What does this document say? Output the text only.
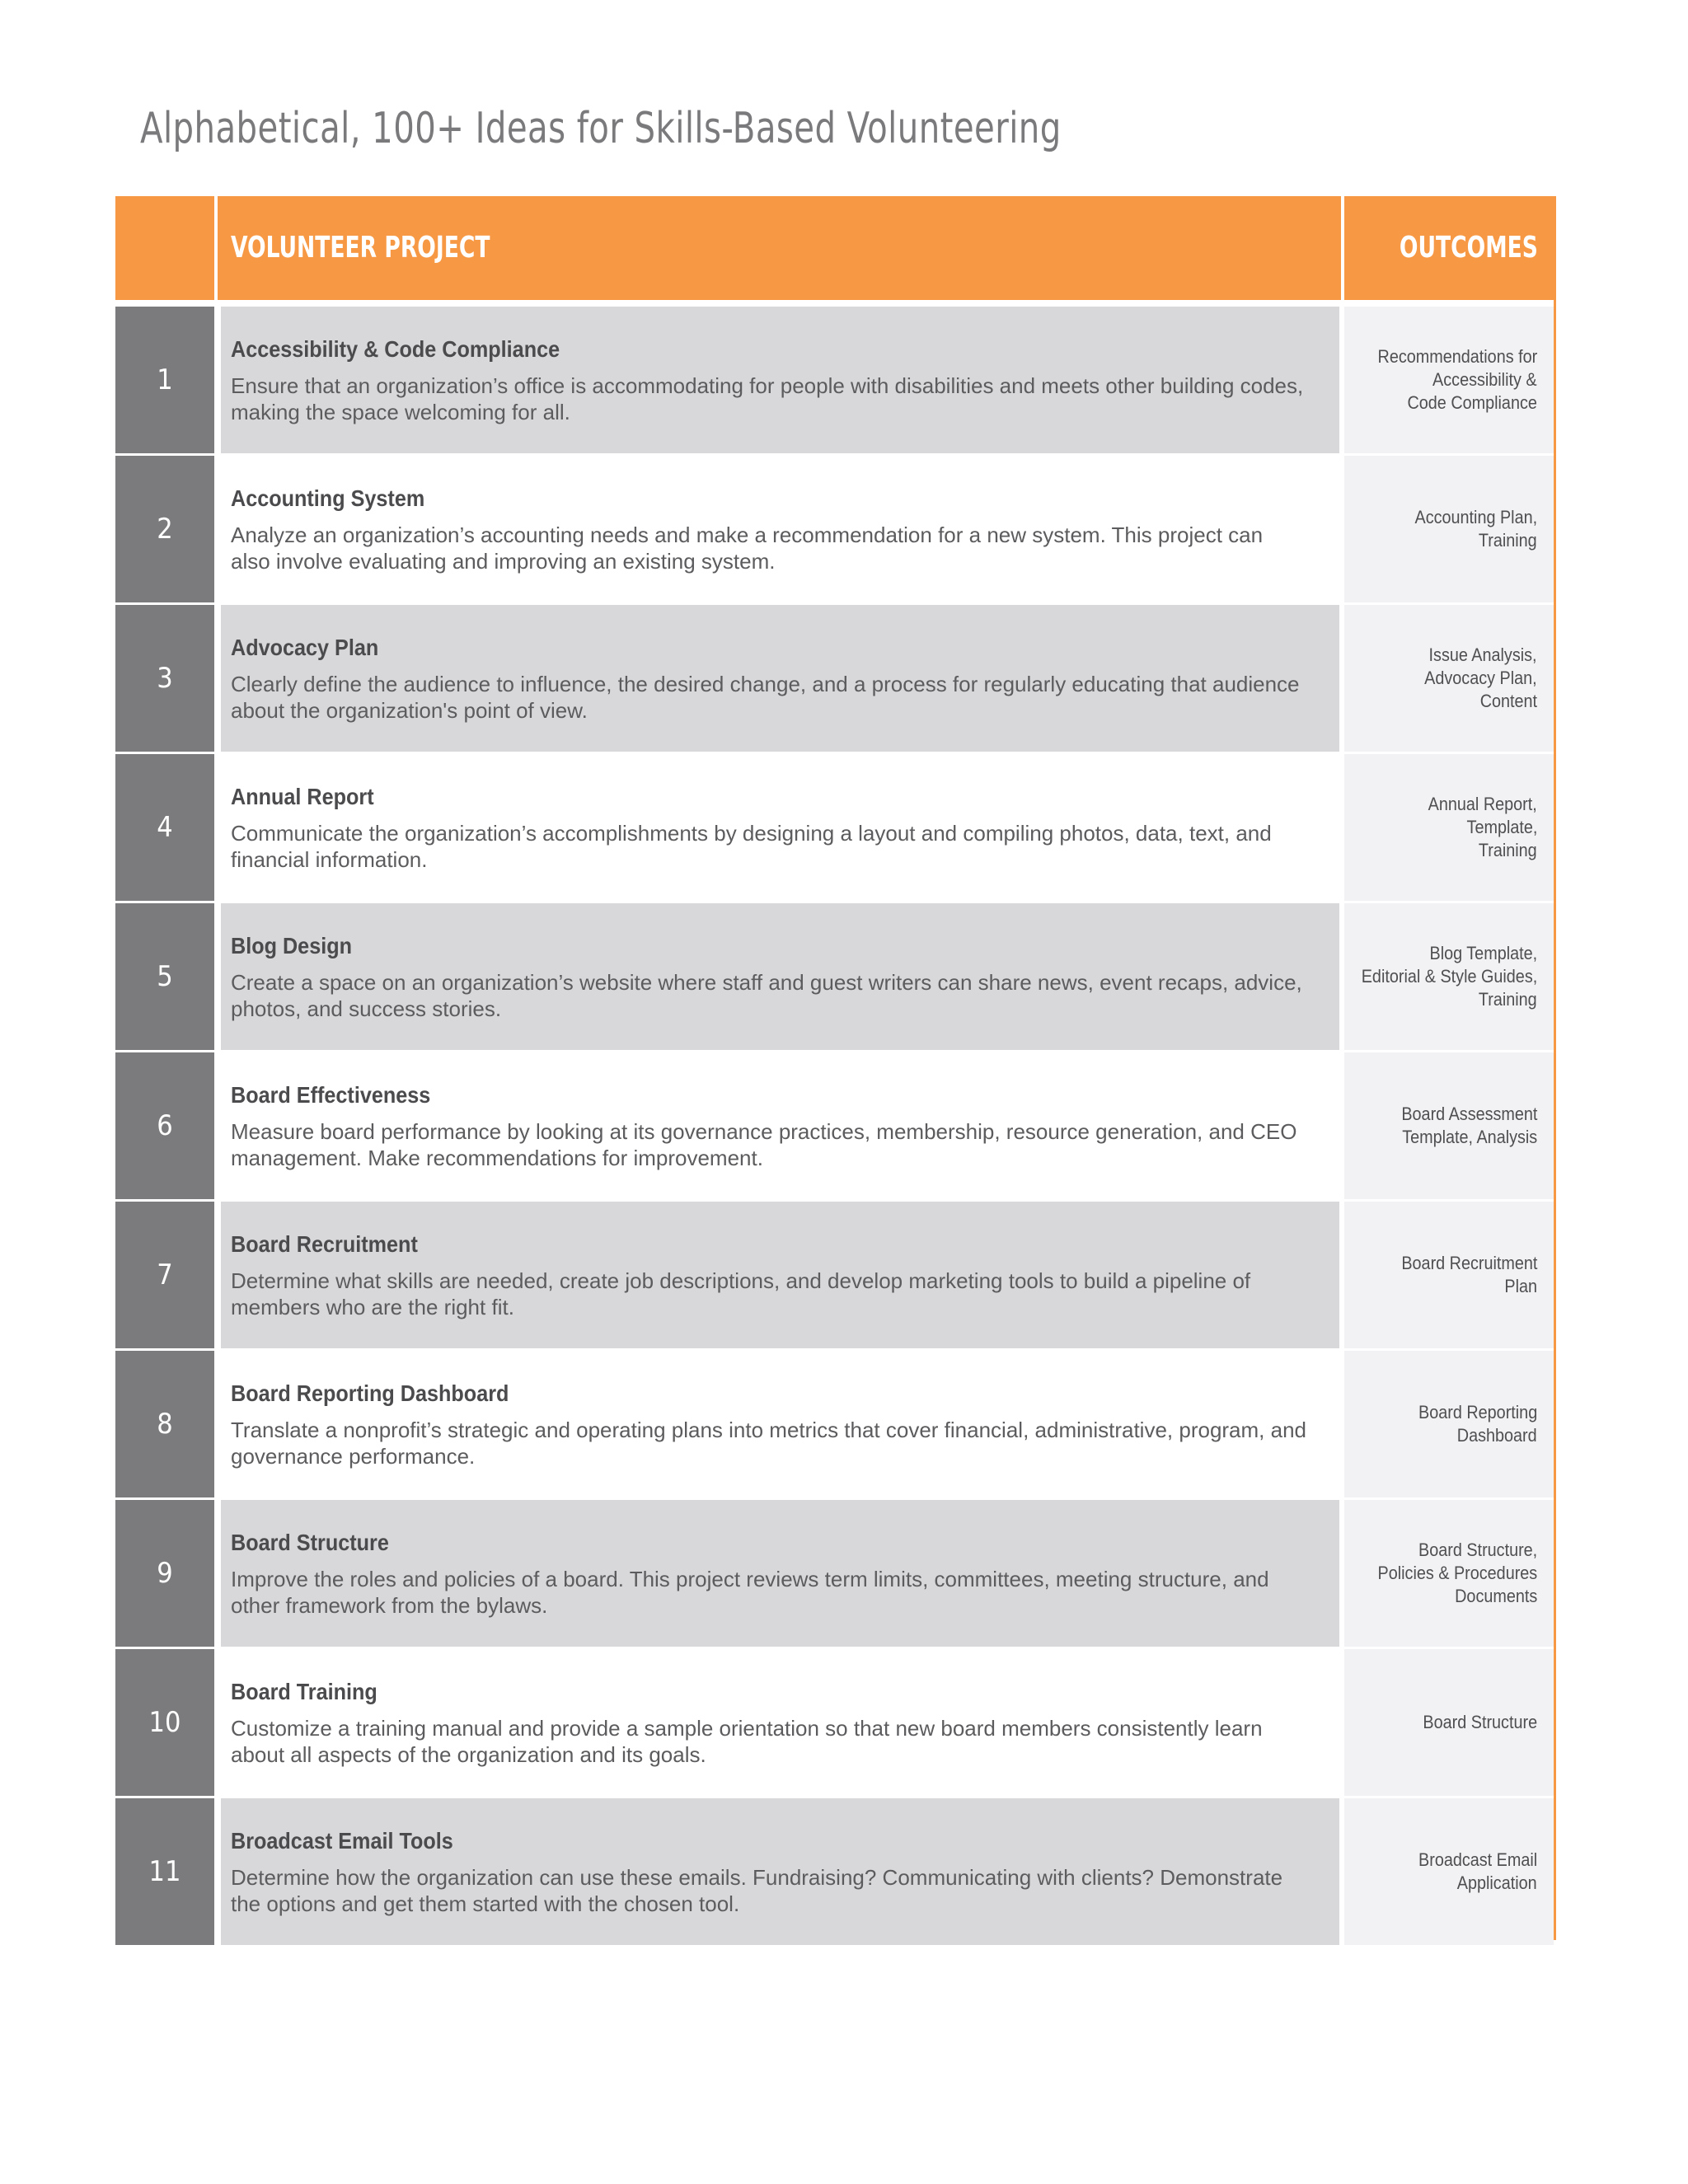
Alphabetical, 100+ Ideas for Skills-Based Volunteering
VOLUNTEER PROJECT	OUTCOMES
1
Accessibility & Code Compliance
Ensure that an organization’s office is accommodating for people with disabilities and meets other building codes, making the space welcoming for all.
Recommendations for
Accessibility &
Code Compliance
2
Accounting System
Analyze an organization’s accounting needs and make a recommendation for a new system. This project can also involve evaluating and improving an existing system.
Accounting Plan,
Training
3
Advocacy Plan
Clearly define the audience to influence, the desired change, and a process for regularly educating that audience about the organization's point of view.
Issue Analysis,
Advocacy Plan,
Content
4
Annual Report
Communicate the organization’s accomplishments by designing a layout and compiling photos, data, text, and financial information.
Annual Report,
Template,
Training
5
Blog Design
Create a space on an organization’s website where staff and guest writers can share news, event recaps, advice, photos, and success stories.
Blog Template,
Editorial & Style Guides,
Training
6
Board Effectiveness
Measure board performance by looking at its governance practices, membership, resource generation, and CEO management. Make recommendations for improvement.
Board Assessment
Template, Analysis
7
Board Recruitment
Determine what skills are needed, create job descriptions, and develop marketing tools to build a pipeline of members who are the right fit.
Board Recruitment
Plan
8
Board Reporting Dashboard
Translate a nonprofit’s strategic and operating plans into metrics that cover financial, administrative, program, and governance performance.
Board Reporting
Dashboard
9
Board Structure
Improve the roles and policies of a board. This project reviews term limits, committees, meeting structure, and other framework from the bylaws.
Board Structure,
Policies & Procedures
Documents
10
Board Training
Customize a training manual and provide a sample orientation so that new board members consistently learn about all aspects of the organization and its goals.
Board Structure
11
Broadcast Email Tools
Determine how the organization can use these emails. Fundraising? Communicating with clients? Demonstrate the options and get them started with the chosen tool.
Broadcast Email
Application
